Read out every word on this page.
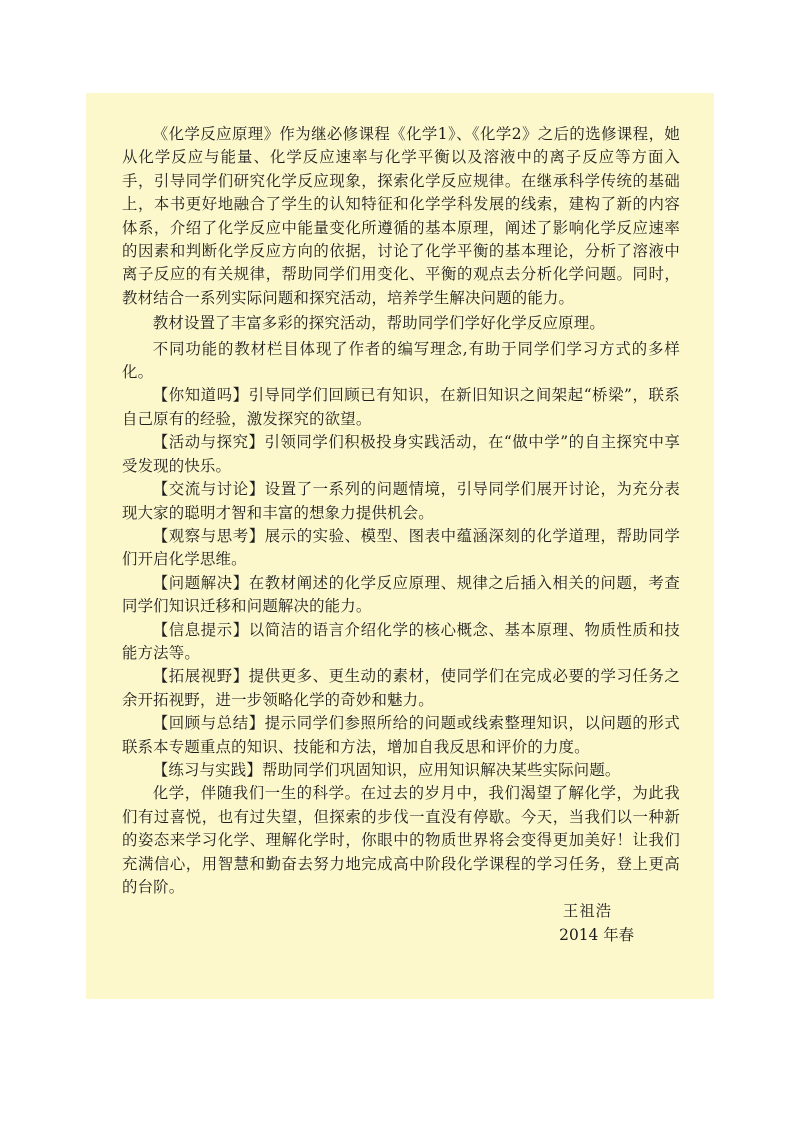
《化学反应原理》作为继必修课程《化学1》、《化学2》之后的选修课程，她从化学反应与能量、化学反应速率与化学平衡以及溶液中的离子反应等方面入手，引导同学们研究化学反应现象，探索化学反应规律。在继承科学传统的基础上，本书更好地融合了学生的认知特征和化学学科发展的线索，建构了新的内容体系，介绍了化学反应中能量变化所遵循的基本原理，阐述了影响化学反应速率的因素和判断化学反应方向的依据，讨论了化学平衡的基本理论，分析了溶液中离子反应的有关规律，帮助同学们用变化、平衡的观点去分析化学问题。同时，教材结合一系列实际问题和探究活动，培养学生解决问题的能力。

教材设置了丰富多彩的探究活动，帮助同学们学好化学反应原理。

不同功能的教材栏目体现了作者的编写理念,有助于同学们学习方式的多样化。

【你知道吗】引导同学们回顾已有知识，在新旧知识之间架起“桥梁”，联系自己原有的经验，激发探究的欲望。

【活动与探究】引领同学们积极投身实践活动，在“做中学”的自主探究中享受发现的快乐。

【交流与讨论】设置了一系列的问题情境，引导同学们展开讨论，为充分表现大家的聪明才智和丰富的想象力提供机会。

【观察与思考】展示的实验、模型、图表中蕴涵深刻的化学道理，帮助同学们开启化学思维。

【问题解决】在教材阐述的化学反应原理、规律之后插入相关的问题，考查同学们知识迁移和问题解决的能力。

【信息提示】以简洁的语言介绍化学的核心概念、基本原理、物质性质和技能方法等。

【拓展视野】提供更多、更生动的素材，使同学们在完成必要的学习任务之余开拓视野，进一步领略化学的奇妙和魅力。

【回顾与总结】提示同学们参照所给的问题或线索整理知识，以问题的形式联系本专题重点的知识、技能和方法，增加自我反思和评价的力度。

【练习与实践】帮助同学们巩固知识，应用知识解决某些实际问题。

化学，伴随我们一生的科学。在过去的岁月中，我们渴望了解化学，为此我们有过喜悦，也有过失望，但探索的步伐一直没有停歇。今天，当我们以一种新的姿态来学习化学、理解化学时，你眼中的物质世界将会变得更加美好！让我们充满信心，用智慧和勤奋去努力地完成高中阶段化学课程的学习任务，登上更高的台阶。

王祖浩
2014 年春
